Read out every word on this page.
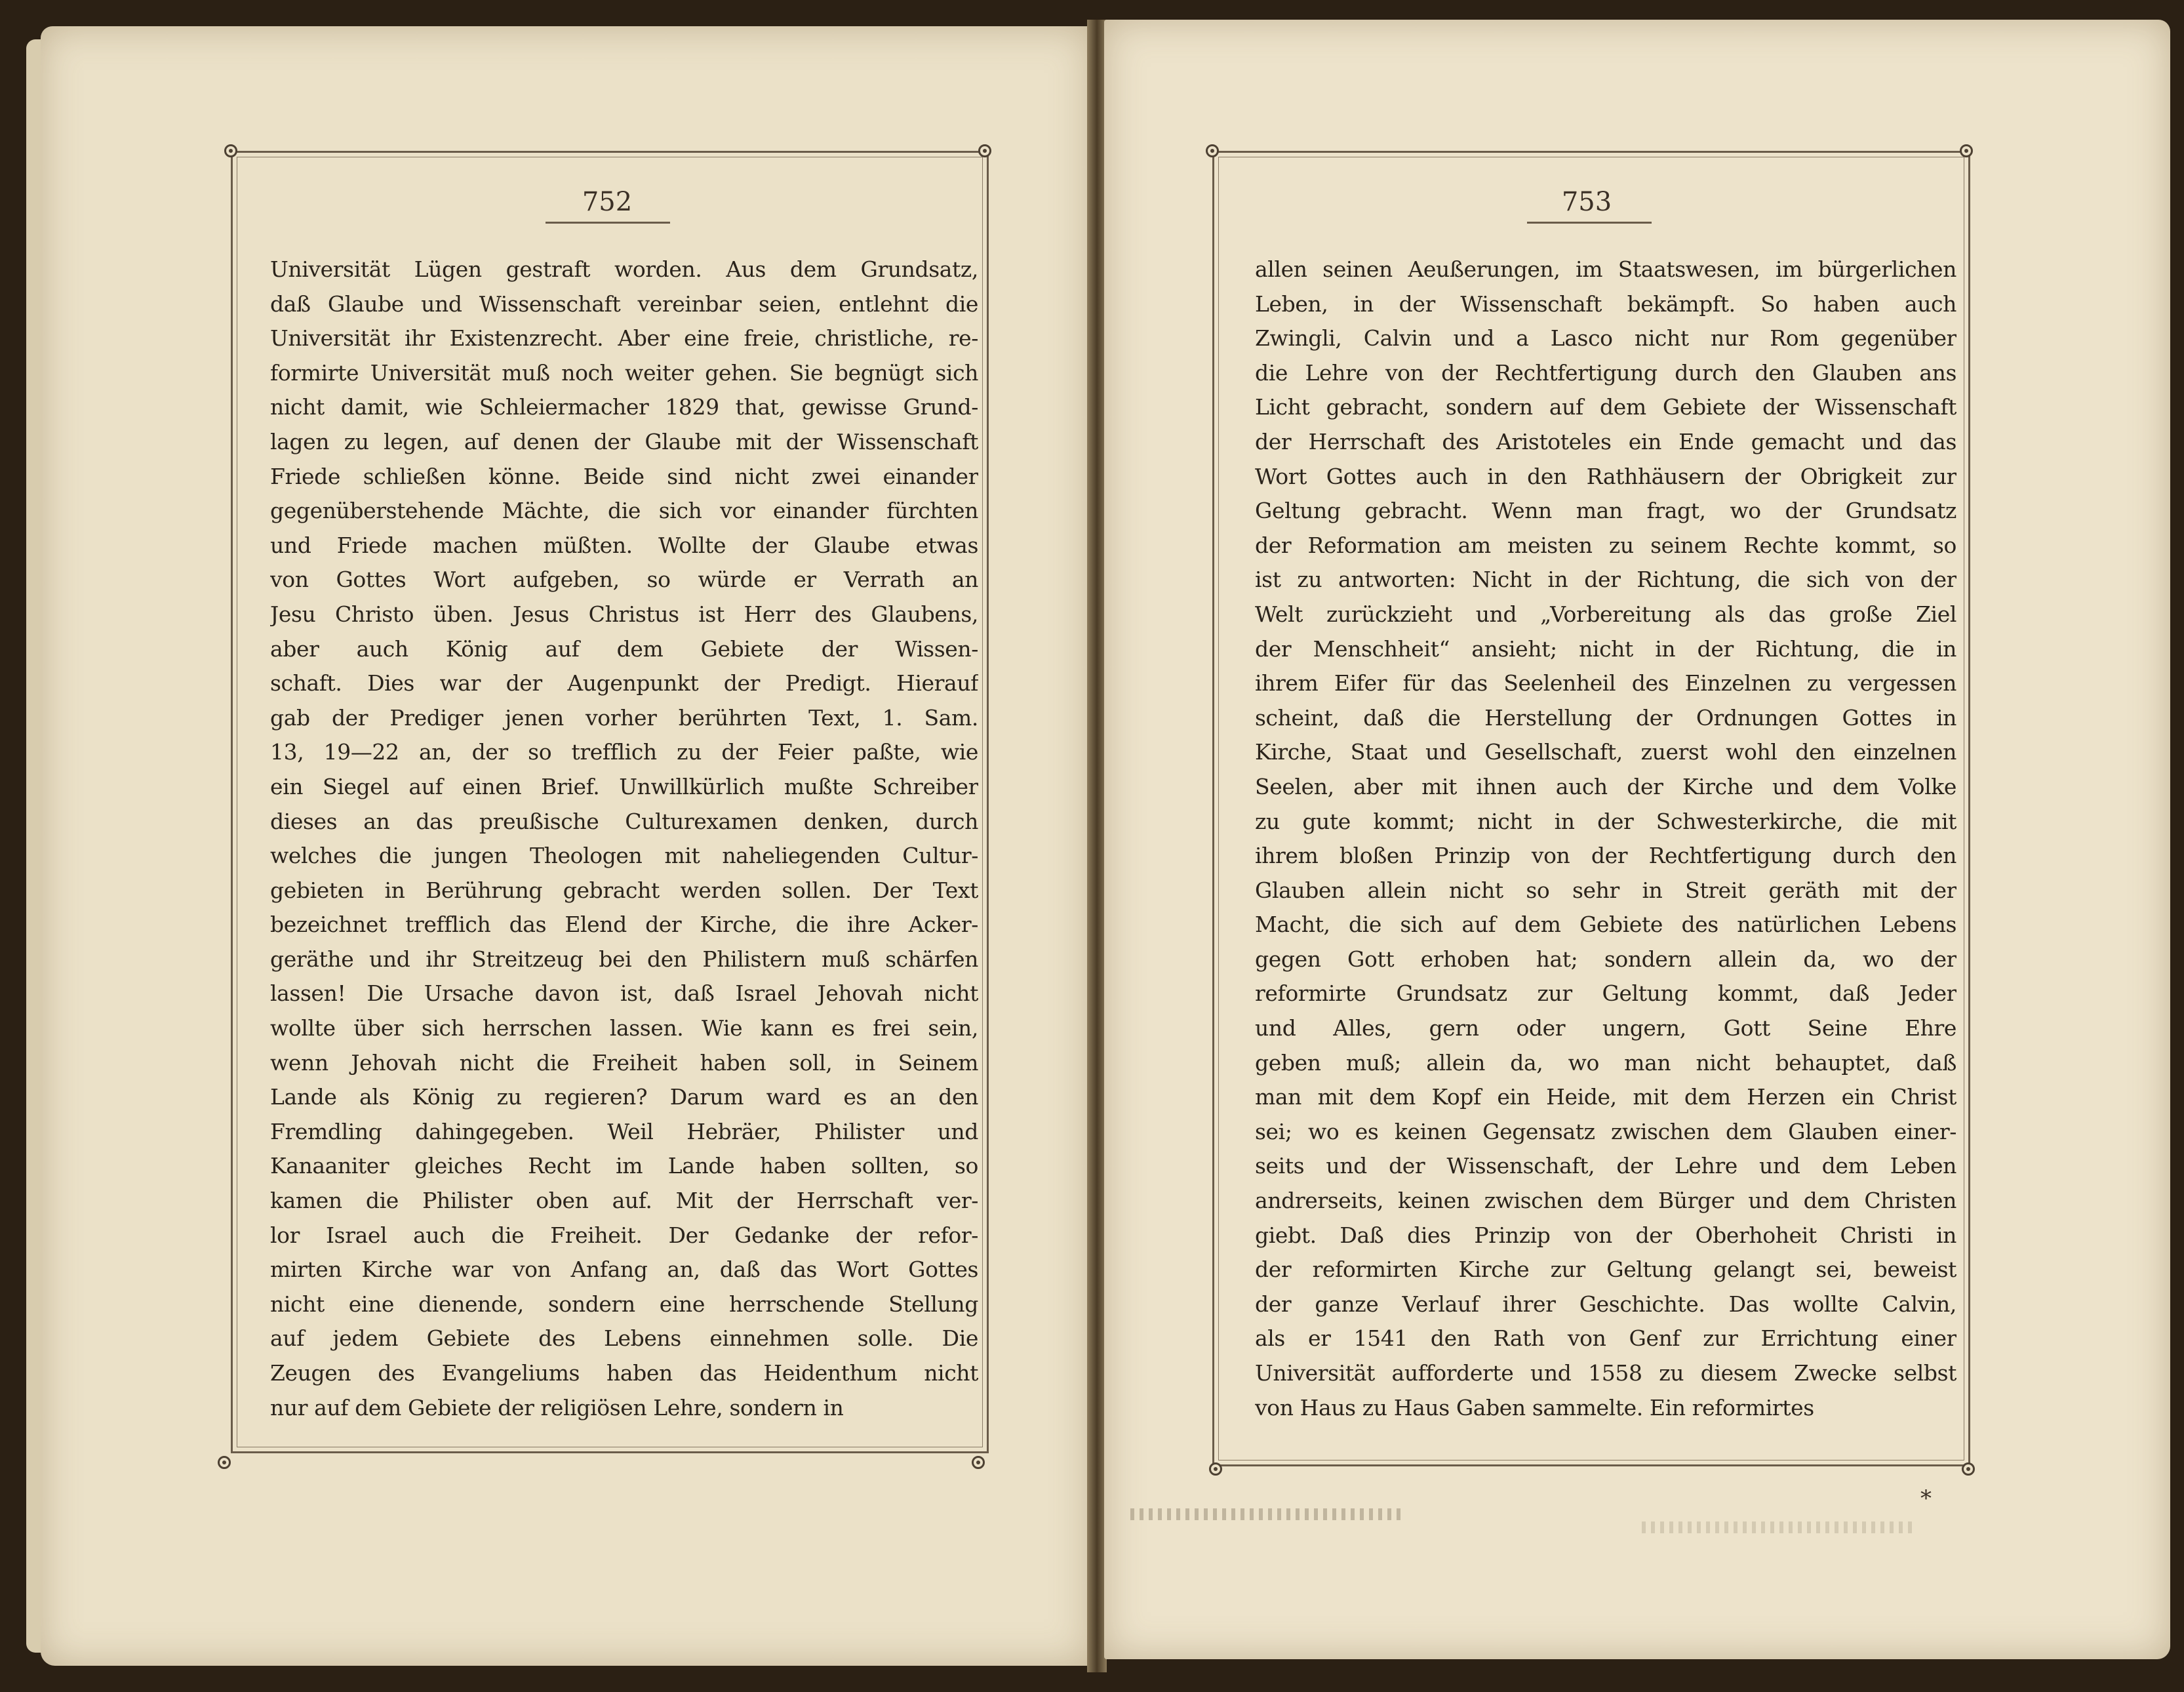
752
Universität Lügen gestraft worden. Aus dem Grundsatz,
daß Glaube und Wissenschaft vereinbar seien, entlehnt die
Universität ihr Existenzrecht. Aber eine freie, christliche, re-
formirte Universität muß noch weiter gehen. Sie begnügt sich
nicht damit, wie Schleiermacher 1829 that, gewisse Grund-
lagen zu legen, auf denen der Glaube mit der Wissenschaft
Friede schließen könne. Beide sind nicht zwei einander
gegenüberstehende Mächte, die sich vor einander fürchten
und Friede machen müßten. Wollte der Glaube etwas
von Gottes Wort aufgeben, so würde er Verrath an
Jesu Christo üben. Jesus Christus ist Herr des Glaubens,
aber auch König auf dem Gebiete der Wissen-
schaft. Dies war der Augenpunkt der Predigt. Hierauf
gab der Prediger jenen vorher berührten Text, 1. Sam.
13, 19—22 an, der so trefflich zu der Feier paßte, wie
ein Siegel auf einen Brief. Unwillkürlich mußte Schreiber
dieses an das preußische Culturexamen denken, durch
welches die jungen Theologen mit naheliegenden Cultur-
gebieten in Berührung gebracht werden sollen. Der Text
bezeichnet trefflich das Elend der Kirche, die ihre Acker-
geräthe und ihr Streitzeug bei den Philistern muß schärfen
lassen! Die Ursache davon ist, daß Israel Jehovah nicht
wollte über sich herrschen lassen. Wie kann es frei sein,
wenn Jehovah nicht die Freiheit haben soll, in Seinem
Lande als König zu regieren? Darum ward es an den
Fremdling dahingegeben. Weil Hebräer, Philister und
Kanaaniter gleiches Recht im Lande haben sollten, so
kamen die Philister oben auf. Mit der Herrschaft ver-
lor Israel auch die Freiheit. Der Gedanke der refor-
mirten Kirche war von Anfang an, daß das Wort Gottes
nicht eine dienende, sondern eine herrschende Stellung
auf jedem Gebiete des Lebens einnehmen solle. Die
Zeugen des Evangeliums haben das Heidenthum nicht
nur auf dem Gebiete der religiösen Lehre, sondern in
753
allen seinen Aeußerungen, im Staatswesen, im bürgerlichen
Leben, in der Wissenschaft bekämpft. So haben auch
Zwingli, Calvin und a Lasco nicht nur Rom gegenüber
die Lehre von der Rechtfertigung durch den Glauben ans
Licht gebracht, sondern auf dem Gebiete der Wissenschaft
der Herrschaft des Aristoteles ein Ende gemacht und das
Wort Gottes auch in den Rathhäusern der Obrigkeit zur
Geltung gebracht. Wenn man fragt, wo der Grundsatz
der Reformation am meisten zu seinem Rechte kommt, so
ist zu antworten: Nicht in der Richtung, die sich von der
Welt zurückzieht und „Vorbereitung als das große Ziel
der Menschheit“ ansieht; nicht in der Richtung, die in
ihrem Eifer für das Seelenheil des Einzelnen zu vergessen
scheint, daß die Herstellung der Ordnungen Gottes in
Kirche, Staat und Gesellschaft, zuerst wohl den einzelnen
Seelen, aber mit ihnen auch der Kirche und dem Volke
zu gute kommt; nicht in der Schwesterkirche, die mit
ihrem bloßen Prinzip von der Rechtfertigung durch den
Glauben allein nicht so sehr in Streit geräth mit der
Macht, die sich auf dem Gebiete des natürlichen Lebens
gegen Gott erhoben hat; sondern allein da, wo der
reformirte Grundsatz zur Geltung kommt, daß Jeder
und Alles, gern oder ungern, Gott Seine Ehre
geben muß; allein da, wo man nicht behauptet, daß
man mit dem Kopf ein Heide, mit dem Herzen ein Christ
sei; wo es keinen Gegensatz zwischen dem Glauben einer-
seits und der Wissenschaft, der Lehre und dem Leben
andrerseits, keinen zwischen dem Bürger und dem Christen
giebt. Daß dies Prinzip von der Oberhoheit Christi in
der reformirten Kirche zur Geltung gelangt sei, beweist
der ganze Verlauf ihrer Geschichte. Das wollte Calvin,
als er 1541 den Rath von Genf zur Errichtung einer
Universität aufforderte und 1558 zu diesem Zwecke selbst
von Haus zu Haus Gaben sammelte. Ein reformirtes
*
